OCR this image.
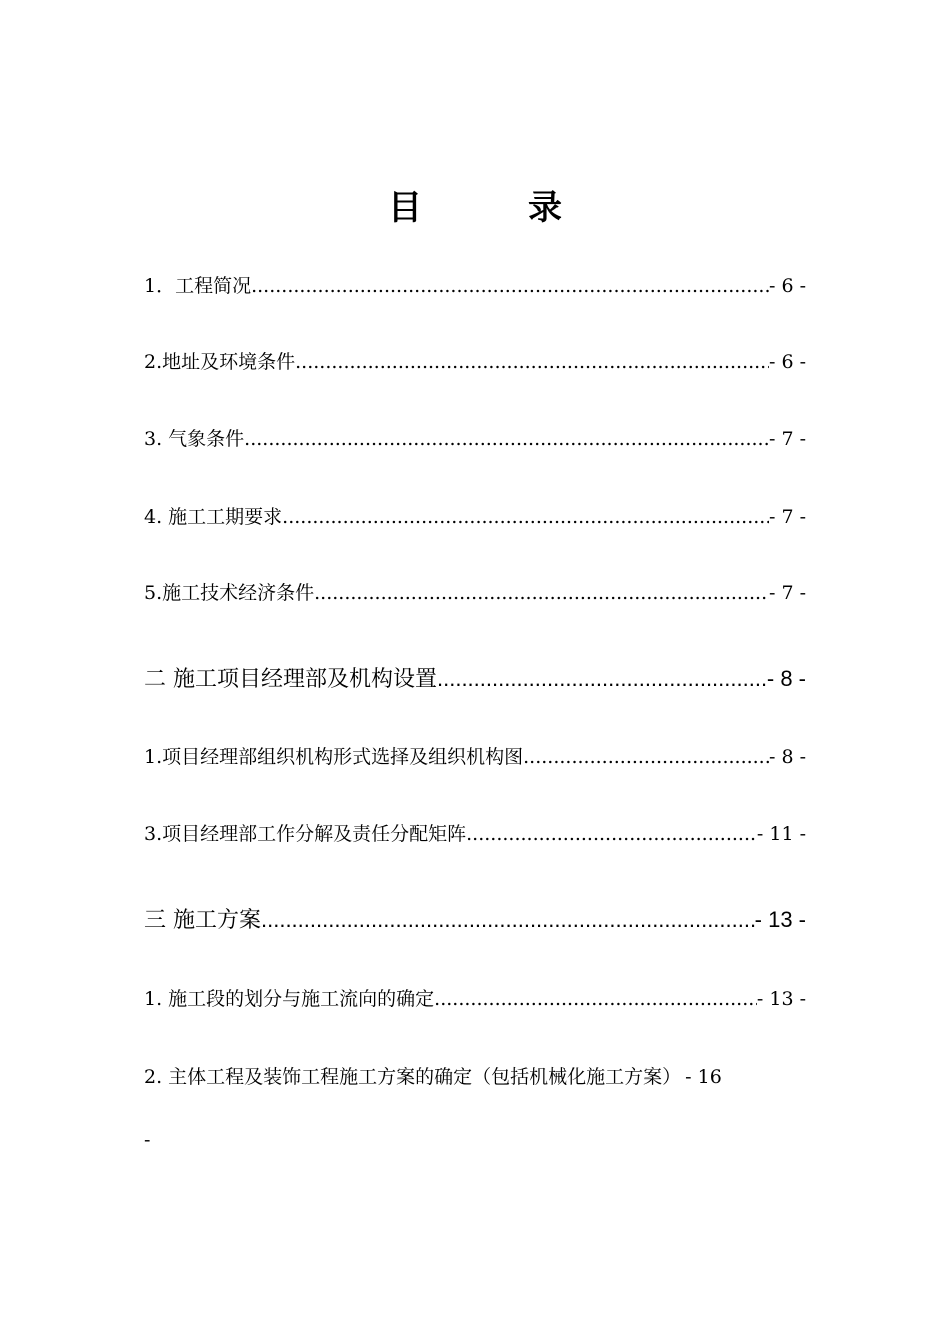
目　录
1．工程简况 .....	- 6 -
2.地址及环境条件 .....	- 6 -
3. 气象条件 .....	- 7 -
4. 施工工期要求 .....	- 7 -
5.施工技术经济条件 .....	- 7 -
二 施工项目经理部及机构设置 .....	- 8 -
1.项目经理部组织机构形式选择及组织机构图 .....	- 8 -
3.项目经理部工作分解及责任分配矩阵 .....	- 11 -
三 施工方案 .....	- 13 -
1. 施工段的划分与施工流向的确定 .....	- 13 -
2. 主体工程及装饰工程施工方案的确定（包括机械化施工方案） - 16
-
